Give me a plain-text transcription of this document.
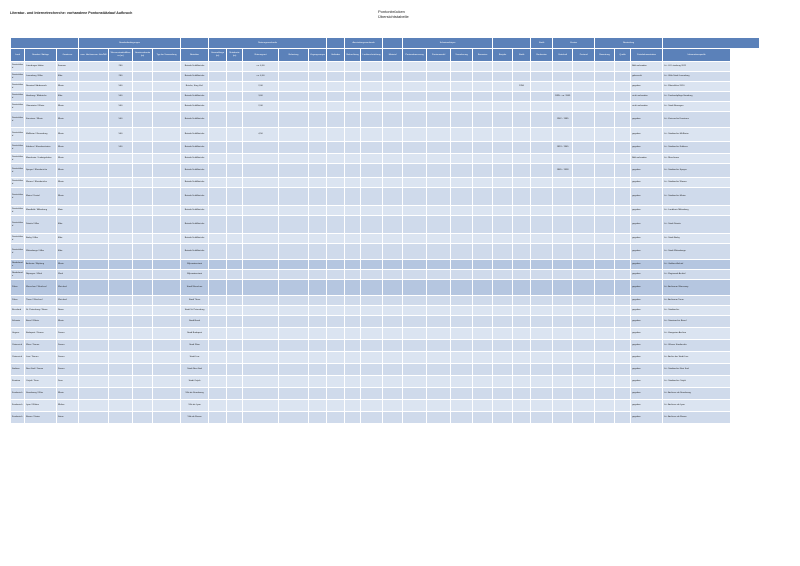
Literatur- und Internetrecherche: vorhandene Pontonstützlauf Aufbruch	Pontonbrücken
Übersichtstabelle
			Standortbedingungen					Nutzungsmerkmale						Ausstattungsmerkmale			Schwimmkörper						Statik	Kosten		Beurteilung			
Land	Standort / Anlage	Gewässer	max. Hochwasser Jahr/NN	Wasserstandsdifferenz (m)	Gewässerbreite (m)	Typ der Verwendung	Betreiber	Gesamtlänge (m)	Nutzbreite (m)	Nutzungsart	Belastung	Zugangsrampe	Geländer	Beleuchtung	Lastbeschränkung	Material	Pontonabmessung	Pontonanzahl	Verankerung	Bauweise	Baujahr	Statik	Baukosten	Unterhalt	Zustand	Bewertung	Quelle	Fotodokumentation	Informationsquelle
Deutschland	Lüneburger Hafen	Ilmenau		260			Betrieb Schiffbrücke			ca. 4,00																		Bild vorhanden	Lit.: LK Lüneburg 2011
Deutschland	Lauenburg / Elbe	Elbe		260			Betrieb Schiffbrücke			ca. 4,00																		gebraucht	Lit.: Web Stadt Lauenburg
Deutschland	Neuwied / Andernach	Rhein		500			Brücke, Steg Verl.			2,00												1950						gegeben	Lit.: Rheinfähre 2010
Deutschland	Hamburg / Elbbrücke	Elbe		500			Betrieb Schiffbrücke			3,60														1895 - ca. 1945				nicht vorhanden	Lit.: Denkmalpflege Hamburg
Deutschland	Oberwinter / Rhein	Rhein		500			Betrieb Schiffbrücke			2,00																		nicht vorhanden	Lit.: Stadt Remagen
Deutschland	Konstanz / Rhein	Rhein		500			Betrieb Schiffbrücke																	1942 - 1985				gegeben	Lit.: Kreisarchiv Konstanz
Deutschland	Müllheim / Neuenburg	Rhein		500			Betrieb Schiffbrücke			4,50																		gegeben	Lit.: Stadtarchiv Müllheim
Deutschland	Koblenz / Ehrenbreitstein	Rhein		550			Betrieb Schiffbrücke																	1819 - 1945				gegeben	Lit.: Stadtarchiv Koblenz
Deutschland	Mannheim / Ludwigshafen	Rhein					Betrieb Schiffbrücke																					Bild vorhanden	Lit.: Marchivum
Deutschland	Speyer / Rheinbrücke	Rhein					Betrieb Schiffbrücke																	1865 - 1938				gegeben	Lit.: Stadtarchiv Speyer
Deutschland	Worms / Rheinbrücke	Rhein					Betrieb Schiffbrücke																					gegeben	Lit.: Stadtarchiv Worms
Deutschland	Mainz / Kastel	Rhein					Betrieb Schiffbrücke																					gegeben	Lit.: Stadtarchiv Mainz
Deutschland	Mondfeld / Miltenberg	Main					Betrieb Schiffbrücke																					gegeben	Lit.: Landkreis Miltenberg
Deutschland	Dömitz / Elbe	Elbe					Betrieb Schiffbrücke																					gegeben	Lit.: Stadt Dömitz
Deutschland	Barby / Elbe	Elbe					Betrieb Schiffbrücke																					gegeben	Lit.: Stadt Barby
Deutschland	Wittenberge / Elbe	Elbe					Betrieb Schiffbrücke																					gegeben	Lit.: Stadt Wittenberge
Niederlande	Arnheim / Rijnbrug	Rhein					Rijkswaterstaat																					gegeben	Lit.: Gelders Archief
Niederlande	Nijmegen / Waal	Waal					Rijkswaterstaat																					gegeben	Lit.: Regionaal Archief
Polen	Warschau / Weichsel	Weichsel					Stadt Warschau																					gegeben	Lit.: Archiwum Warszawy
Polen	Thorn / Weichsel	Weichsel					Stadt Thorn																					gegeben	Lit.: Archiwum Torun
Russland	St. Petersburg / Newa	Newa					Stadt St. Petersburg																					gegeben	Lit.: Stadtarchiv
Schweiz	Basel / Rhein	Rhein					Stadt Basel																					gegeben	Lit.: Staatsarchiv Basel
Ungarn	Budapest / Donau	Donau					Stadt Budapest																					gegeben	Lit.: Hungarian Archive
Österreich	Wien / Donau	Donau					Stadt Wien																					gegeben	Lit.: Wiener Stadtarchiv
Österreich	Linz / Donau	Donau					Stadt Linz																					gegeben	Lit.: Archiv der Stadt Linz
Serbien	Novi Sad / Donau	Donau					Stadt Novi Sad																					gegeben	Lit.: Stadtarchiv Novi Sad
Kroatien	Osijek / Drau	Drau					Stadt Osijek																					gegeben	Lit.: Stadtarchiv Osijek
Frankreich	Strasbourg / Rhin	Rhein					Ville de Strasbourg																					gegeben	Lit.: Archives de Strasbourg
Frankreich	Lyon / Rhône	Rhône					Ville de Lyon																					gegeben	Lit.: Archives de Lyon
Frankreich	Rouen / Seine	Seine					Ville de Rouen																					gegeben	Lit.: Archives de Rouen
